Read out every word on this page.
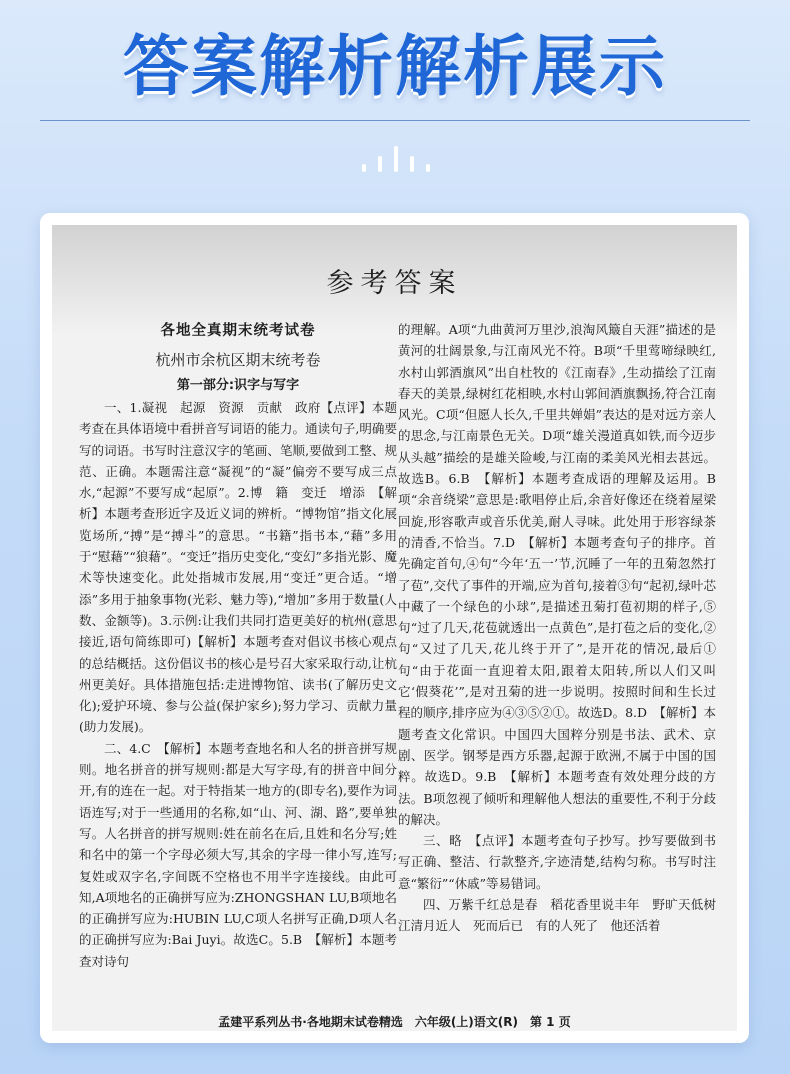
答案解析解析展示
参考答案
各地全真期末统考试卷
杭州市余杭区期末统考卷
第一部分:识字与写字

一、1.凝视　起源　资源　贡献　政府【点评】本题考查在具体语境中看拼音写词语的能力。通读句子,明确要写的词语。书写时注意汉字的笔画、笔顺,要做到工整、规范、正确。本题需注意“凝视”的“凝”偏旁不要写成三点水,“起源”不要写成“起原”。2.博　籍　变迁　增添　【解析】本题考查形近字及近义词的辨析。“博物馆”指文化展览场所,“搏”是“搏斗”的意思。“书籍”指书本,“藉”多用于“慰藉”“狼藉”。“变迁”指历史变化,“变幻”多指光影、魔术等快速变化。此处指城市发展,用“变迁”更合适。“增添”多用于抽象事物(光彩、魅力等),“增加”多用于数量(人数、金额等)。3.示例:让我们共同打造更美好的杭州(意思接近,语句简练即可)【解析】本题考查对倡议书核心观点的总结概括。这份倡议书的核心是号召大家采取行动,让杭州更美好。具体措施包括:走进博物馆、读书(了解历史文化);爱护环境、参与公益(保护家乡);努力学习、贡献力量(助力发展)。

二、4.C　【解析】本题考查地名和人名的拼音拼写规则。地名拼音的拼写规则:都是大写字母,有的拼音中间分开,有的连在一起。对于特指某一地方的(即专名),要作为词语连写;对于一些通用的名称,如“山、河、湖、路”,要单独写。人名拼音的拼写规则:姓在前名在后,且姓和名分写;姓和名中的第一个字母必须大写,其余的字母一律小写,连写;复姓或双字名,字间既不空格也不用半字连接线。由此可知,A项地名的正确拼写应为:ZHONGSHAN LU,B项地名的正确拼写应为:HUBIN LU,C项人名拼写正确,D项人名的正确拼写应为:Bai Juyi。故选C。5.B　【解析】本题考查对诗句

的理解。A项“九曲黄河万里沙,浪淘风簸自天涯”描述的是黄河的壮阔景象,与江南风光不符。B项“千里莺啼绿映红,水村山郭酒旗风”出自杜牧的《江南春》,生动描绘了江南春天的美景,绿树红花相映,水村山郭间酒旗飘扬,符合江南风光。C项“但愿人长久,千里共婵娟”表达的是对远方亲人的思念,与江南景色无关。D项“雄关漫道真如铁,而今迈步从头越”描绘的是雄关险峻,与江南的柔美风光相去甚远。故选B。6.B　【解析】本题考查成语的理解及运用。B项“余音绕梁”意思是:歌唱停止后,余音好像还在绕着屋梁回旋,形容歌声或音乐优美,耐人寻味。此处用于形容绿茶的清香,不恰当。7.D　【解析】本题考查句子的排序。首先确定首句,④句“今年‘五一’节,沉睡了一年的丑菊忽然打了苞”,交代了事件的开端,应为首句,接着③句“起初,绿叶芯中藏了一个绿色的小球”,是描述丑菊打苞初期的样子,⑤句“过了几天,花苞就透出一点黄色”,是打苞之后的变化,②句“又过了几天,花儿终于开了”,是开花的情况,最后①句“由于花面一直迎着太阳,跟着太阳转,所以人们又叫它‘假葵花’”,是对丑菊的进一步说明。按照时间和生长过程的顺序,排序应为④③⑤②①。故选D。8.D　【解析】本题考查文化常识。中国四大国粹分别是书法、武术、京剧、医学。钢琴是西方乐器,起源于欧洲,不属于中国的国粹。故选D。9.B　【解析】本题考查有效处理分歧的方法。B项忽视了倾听和理解他人想法的重要性,不利于分歧的解决。

三、略　【点评】本题考查句子抄写。抄写要做到书写正确、整洁、行款整齐,字迹清楚,结构匀称。书写时注意“繁衍”“休戚”等易错词。

四、万紫千红总是春　稻花香里说丰年　野旷天低树　江清月近人　死而后已　有的人死了　他还活着

孟建平系列丛书·各地期末试卷精选　六年级(上)语文(R)　第 1 页
